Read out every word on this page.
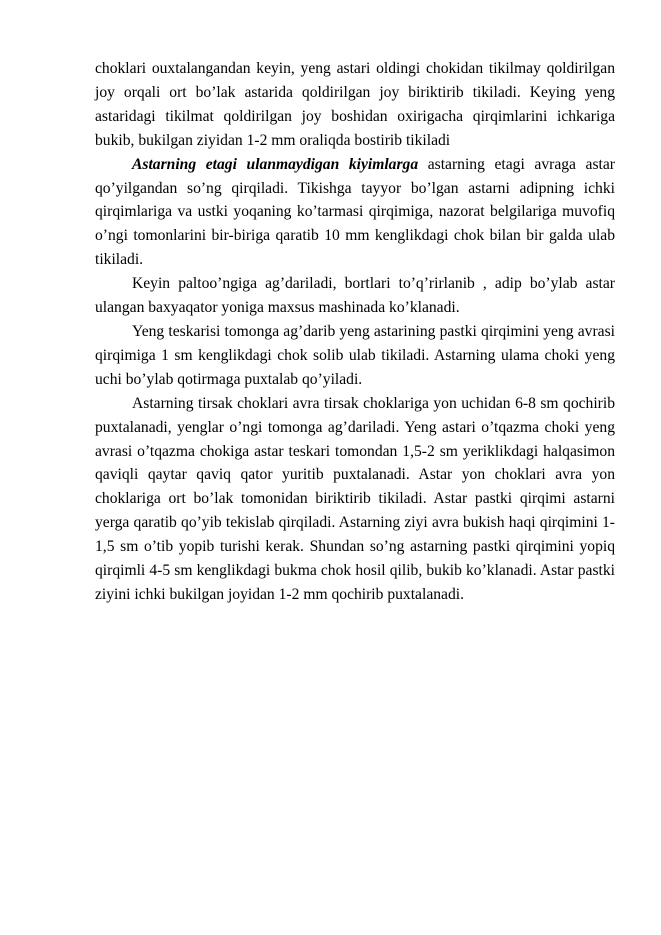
choklari ouxtalangandan keyin, yeng astari oldingi chokidan tikilmay qoldirilgan joy orqali ort bo’lak astarida qoldirilgan joy biriktirib tikiladi. Keying yeng astaridagi tikilmat qoldirilgan joy boshidan oxirigacha qirqimlarini ichkariga bukib, bukilgan ziyidan 1-2 mm oraliqda bostirib tikiladi

Astarning etagi ulanmaydigan kiyimlarga astarning etagi avraga astar qo’yilgandan so’ng qirqiladi. Tikishga tayyor bo’lgan astarni adipning ichki qirqimlariga va ustki yoqaning ko’tarmasi qirqimiga, nazorat belgilariga muvofiq o’ngi tomonlarini bir-biriga qaratib 10 mm kenglikdagi chok bilan bir galda ulab tikiladi.

Keyin paltoo’ngiga ag’dariladi, bortlari to’q’rirlanib , adip bo’ylab astar ulangan baxyaqator yoniga maxsus mashinada ko’klanadi.

Yeng teskarisi tomonga ag’darib yeng astarining pastki qirqimini yeng avrasi qirqimiga 1 sm kenglikdagi chok solib ulab tikiladi. Astarning ulama choki yeng uchi bo’ylab qotirmaga puxtalab qo’yiladi.

Astarning tirsak choklari avra tirsak choklariga yon uchidan 6-8 sm qochirib puxtalanadi, yenglar o’ngi tomonga ag’dariladi. Yeng astari o’tqazma choki yeng avrasi o’tqazma chokiga astar teskari tomondan 1,5-2 sm yeriklikdagi halqasimon qaviqli qaytar qaviq qator yuritib puxtalanadi. Astar yon choklari avra yon choklariga ort bo’lak tomonidan biriktirib tikiladi. Astar pastki qirqimi astarni yerga qaratib qo’yib tekislab qirqiladi. Astarning ziyi avra bukish haqi qirqimini 1-1,5 sm o’tib yopib turishi kerak. Shundan so’ng astarning pastki qirqimini yopiq qirqimli 4-5 sm kenglikdagi bukma chok hosil qilib, bukib ko’klanadi. Astar pastki ziyini ichki bukilgan joyidan 1-2 mm qochirib puxtalanadi.
